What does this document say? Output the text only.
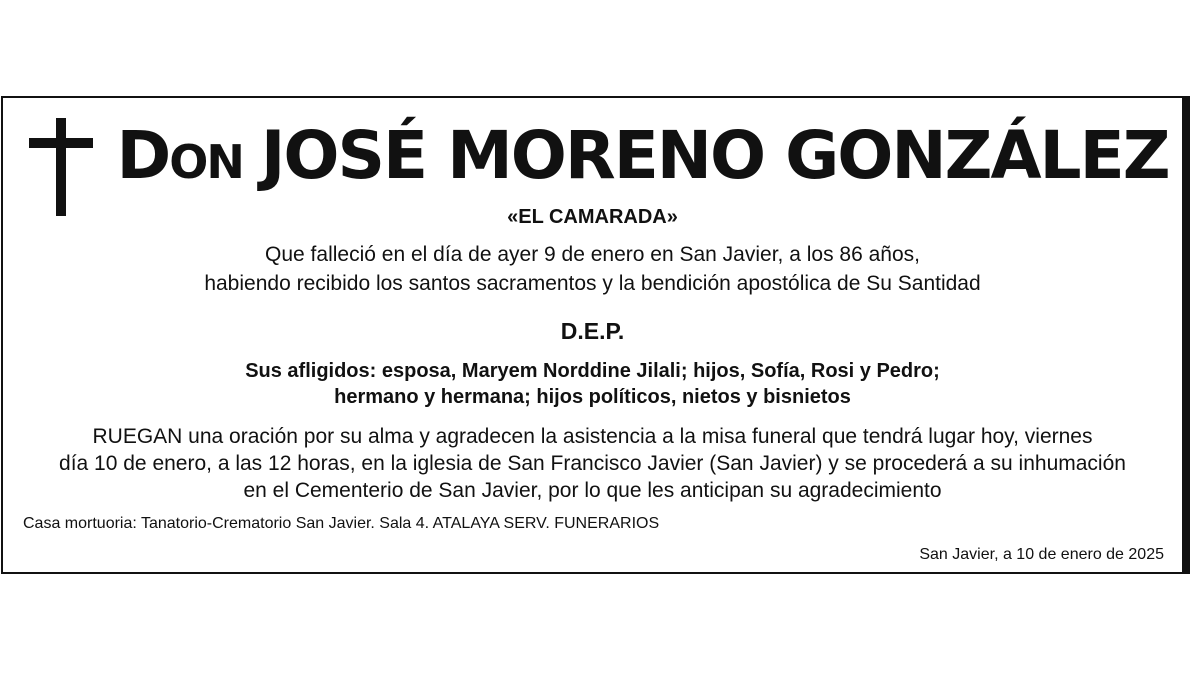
Don JOSÉ MORENO GONZÁLEZ
«EL CAMARADA»
Que falleció en el día de ayer 9 de enero en San Javier, a los 86 años,
habiendo recibido los santos sacramentos y la bendición apostólica de Su Santidad
D.E.P.
Sus afligidos: esposa, Maryem Norddine Jilali; hijos, Sofía, Rosi y Pedro;
hermano y hermana; hijos políticos, nietos y bisnietos
RUEGAN una oración por su alma y agradecen la asistencia a la misa funeral que tendrá lugar hoy, viernes
día 10 de enero, a las 12 horas, en la iglesia de San Francisco Javier (San Javier) y se procederá a su inhumación
en el Cementerio de San Javier, por lo que les anticipan su agradecimiento
Casa mortuoria: Tanatorio-Crematorio San Javier. Sala 4. ATALAYA SERV. FUNERARIOS
San Javier, a 10 de enero de 2025
